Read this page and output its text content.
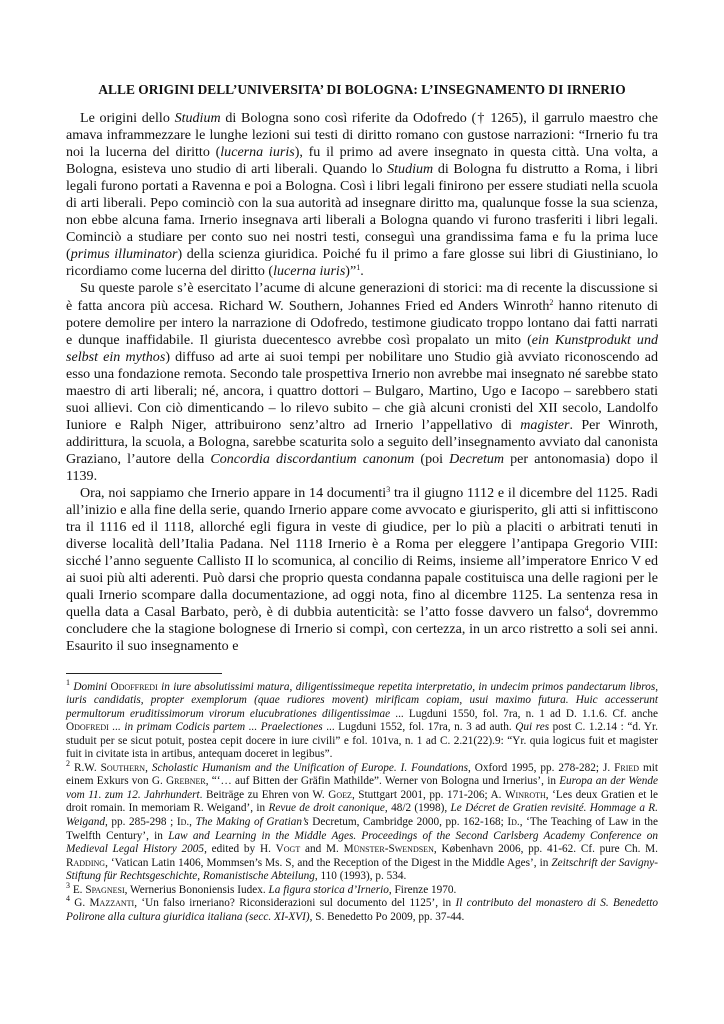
ALLE ORIGINI DELL’UNIVERSITA’ DI BOLOGNA: L’INSEGNAMENTO DI IRNERIO

Le origini dello Studium di Bologna sono così riferite da Odofredo († 1265), il garrulo maestro che amava inframmezzare le lunghe lezioni sui testi di diritto romano con gustose narrazioni: “Irnerio fu tra noi la lucerna del diritto (lucerna iuris), fu il primo ad avere insegnato in questa città. Una volta, a Bologna, esisteva uno studio di arti liberali. Quando lo Studium di Bologna fu distrutto a Roma, i libri legali furono portati a Ravenna e poi a Bologna. Così i libri legali finirono per essere studiati nella scuola di arti liberali. Pepo cominciò con la sua autorità ad insegnare diritto ma, qualunque fosse la sua scienza, non ebbe alcuna fama. Irnerio insegnava arti liberali a Bologna quando vi furono trasferiti i libri legali. Cominciò a studiare per conto suo nei nostri testi, conseguì una grandissima fama e fu la prima luce (primus illuminator) della scienza giuridica. Poiché fu il primo a fare glosse sui libri di Giustiniano, lo ricordiamo come lucerna del diritto (lucerna iuris)”$^1$.

Su queste parole s’è esercitato l’acume di alcune generazioni di storici: ma di recente la discussione si è fatta ancora più accesa. Richard W. Southern, Johannes Fried ed Anders Winroth$^2$ hanno ritenuto di potere demolire per intero la narrazione di Odofredo, testimone giudicato troppo lontano dai fatti narrati e dunque inaffidabile. Il giurista duecentesco avrebbe così propalato un mito (ein Kunstprodukt und selbst ein mythos) diffuso ad arte ai suoi tempi per nobilitare uno Studio già avviato riconoscendo ad esso una fondazione remota. Secondo tale prospettiva Irnerio non avrebbe mai insegnato né sarebbe stato maestro di arti liberali; né, ancora, i quattro dottori – Bulgaro, Martino, Ugo e Iacopo – sarebbero stati suoi allievi. Con ciò dimenticando – lo rilevo subito – che già alcuni cronisti del XII secolo, Landolfo Iuniore e Ralph Niger, attribuirono senz’altro ad Irnerio l’appellativo di magister. Per Winroth, addirittura, la scuola, a Bologna, sarebbe scaturita solo a seguito dell’insegnamento avviato dal canonista Graziano, l’autore della Concordia discordantium canonum (poi Decretum per antonomasia) dopo il 1139.

Ora, noi sappiamo che Irnerio appare in 14 documenti$^3$ tra il giugno 1112 e il dicembre del 1125. Radi all’inizio e alla fine della serie, quando Irnerio appare come avvocato e giurisperito, gli atti si infittiscono tra il 1116 ed il 1118, allorché egli figura in veste di giudice, per lo più a placiti o arbitrati tenuti in diverse località dell’Italia Padana. Nel 1118 Irnerio è a Roma per eleggere l’antipapa Gregorio VIII: sicché l’anno seguente Callisto II lo scomunica, al concilio di Reims, insieme all’imperatore Enrico V ed ai suoi più alti aderenti. Può darsi che proprio questa condanna papale costituisca una delle ragioni per le quali Irnerio scompare dalla documentazione, ad oggi nota, fino al dicembre 1125. La sentenza resa in quella data a Casal Barbato, però, è di dubbia autenticità: se l’atto fosse davvero un falso$^4$, dovremmo concludere che la stagione bolognese di Irnerio si compì, con certezza, in un arco ristretto a soli sei anni. Esaurito il suo insegnamento e

$^1$ Domini Odoffredi in iure absolutissimi matura, diligentissimeque repetita interpretatio, in undecim primos pandectarum libros, iuris candidatis, propter exemplorum (quae rudiores movent) mirificam copiam, usui maximo futura. Huic accesserunt permultorum eruditissimorum virorum elucubrationes diligentissimae ... Lugduni 1550, fol. 7ra, n. 1 ad D. 1.1.6. Cf. anche Odofredi ... in primam Codicis partem ... Praelectiones ... Lugduni 1552, fol. 17ra, n. 3 ad auth. Qui res post C. 1.2.14 : “d. Yr. studuit per se sicut potuit, postea cepit docere in iure civili” e fol. 101va, n. 1 ad C. 2.21(22).9: “Yr. quia logicus fuit et magister fuit in civitate ista in artibus, antequam doceret in legibus”.

$^2$ R.W. Southern, Scholastic Humanism and the Unification of Europe. I. Foundations, Oxford 1995, pp. 278-282; J. Fried mit einem Exkurs von G. Grebner, “‘… auf Bitten der Gräfin Mathilde”. Werner von Bologna und Irnerius’, in Europa an der Wende vom 11. zum 12. Jahrhundert. Beiträge zu Ehren von W. Goez, Stuttgart 2001, pp. 171-206; A. Winroth, ‘Les deux Gratien et le droit romain. In memoriam R. Weigand’, in Revue de droit canonique, 48/2 (1998), Le Décret de Gratien revisité. Hommage a R. Weigand, pp. 285-298 ; Id., The Making of Gratian’s Decretum, Cambridge 2000, pp. 162-168; Id., ‘The Teaching of Law in the Twelfth Century’, in Law and Learning in the Middle Ages. Proceedings of the Second Carlsberg Academy Conference on Medieval Legal History 2005, edited by H. Vogt and M. Münster-Swendsen, København 2006, pp. 41-62. Cf. pure Ch. M. Radding, ‘Vatican Latin 1406, Mommsen’s Ms. S, and the Reception of the Digest in the Middle Ages’, in Zeitschrift der Savigny-Stiftung für Rechtsgeschichte, Romanistische Abteilung, 110 (1993), p. 534.

$^3$ E. Spagnesi, Wernerius Bononiensis Iudex. La figura storica d’Irnerio, Firenze 1970.

$^4$ G. Mazzanti, ‘Un falso irneriano? Riconsiderazioni sul documento del 1125’, in Il contributo del monastero di S. Benedetto Polirone alla cultura giuridica italiana (secc. XI-XVI), S. Benedetto Po 2009, pp. 37-44.
